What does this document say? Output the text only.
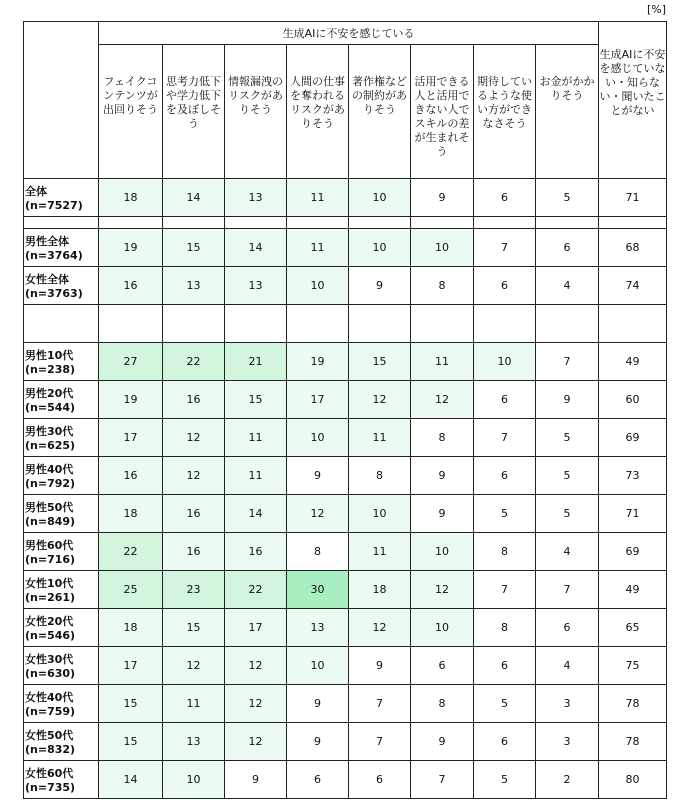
[%]
	生成AIに不安を感じている								生成AIに不安を感じていない・知らない・聞いたことがない

	フェイクコンテンツが出回りそう	思考力低下や学力低下を及ぼしそう	情報漏洩のリスクがありそう	人間の仕事を奪われるリスクがありそう	著作権などの制約がありそう	活用できる人と活用できない人でスキルの差が生まれそう	期待しているような使い方ができなさそう	お金がかかりそう	

全体
(n=7527)	18	14	13	11	10	9	6	5	71

男性全体
(n=3764)	19	15	14	11	10	10	7	6	68

女性全体
(n=3763)	16	13	13	10	9	8	6	4	74

男性10代
(n=238)	27	22	21	19	15	11	10	7	49

男性20代
(n=544)	19	16	15	17	12	12	6	9	60

男性30代
(n=625)	17	12	11	10	11	8	7	5	69

男性40代
(n=792)	16	12	11	9	8	9	6	5	73

男性50代
(n=849)	18	16	14	12	10	9	5	5	71

男性60代
(n=716)	22	16	16	8	11	10	8	4	69

女性10代
(n=261)	25	23	22	30	18	12	7	7	49

女性20代
(n=546)	18	15	17	13	12	10	8	6	65

女性30代
(n=630)	17	12	12	10	9	6	6	4	75

女性40代
(n=759)	15	11	12	9	7	8	5	3	78

女性50代
(n=832)	15	13	12	9	7	9	6	3	78

女性60代
(n=735)	14	10	9	6	6	7	5	2	80
